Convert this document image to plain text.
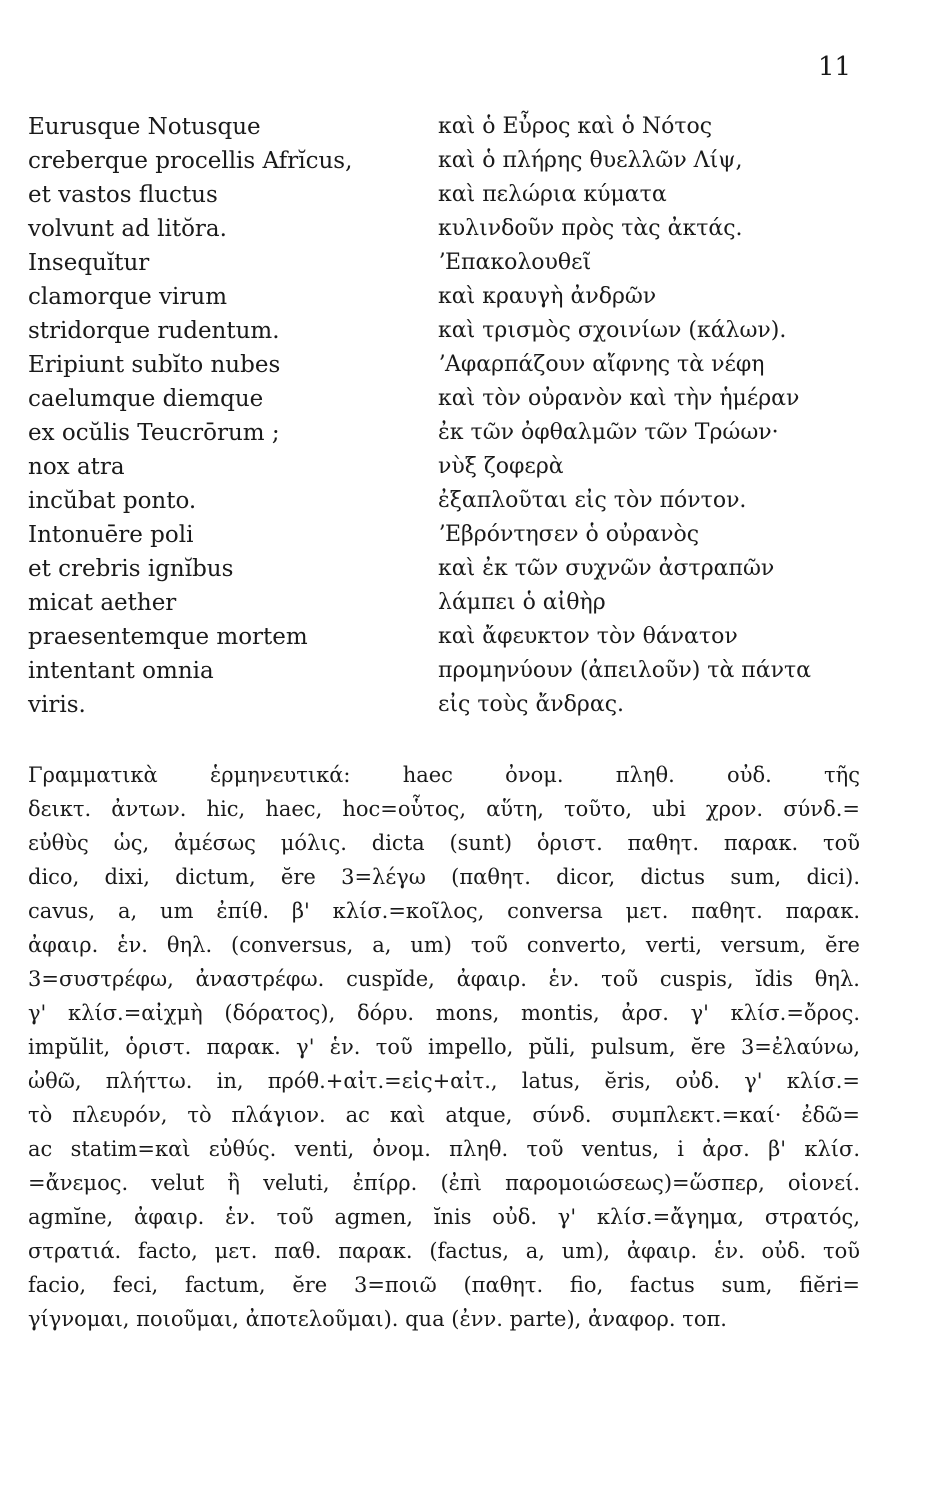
11
Eurusque Notusque
creberque procellis Afrĭcus,
et vastos fluctus
volvunt ad litŏra.
Insequĭtur
clamorque virum
stridorque rudentum.
Eripiunt subĭto nubes
caelumque diemque
ex ocŭlis Teucrōrum ;
nox atra
incŭbat ponto.
Intonuēre poli
et crebris ignĭbus
micat aether
praesentemque mortem
intentant omnia
viris.
καὶ ὁ Εὖρος καὶ ὁ Νότος
καὶ ὁ πλήρης θυελλῶν Λίψ,
καὶ πελώρια κύματα
κυλινδοῦν πρὸς τὰς ἀκτάς.
ʼΕπακολουθεῖ
καὶ κραυγὴ ἀνδρῶν
καὶ τρισμὸς σχοινίων (κάλων).
ʼΑφαρπάζουν αἴφνης τὰ νέφη
καὶ τὸν οὐρανὸν καὶ τὴν ἡμέραν
ἐκ τῶν ὀφθαλμῶν τῶν Τρώων·
νὺξ ζοφερὰ
ἐξαπλοῦται εἰς τὸν πόντον.
ʼΕβρόντησεν ὁ οὐρανὸς
καὶ ἐκ τῶν συχνῶν ἀστραπῶν
λάμπει ὁ αἰθὴρ
καὶ ἄφευκτον τὸν θάνατον
προμηνύουν (ἀπειλοῦν) τὰ πάντα
εἰς τοὺς ἄνδρας.
Γραμματικὰ ἑρμηνευτικά: haec ὀνομ. πληθ. οὐδ. τῆς
δεικτ. ἀντων. hic, haec, hoc=οὗτος, αὕτη, τοῦτο, ubi χρον. σύνδ.=
εὐθὺς ὡς, ἀμέσως μόλις. dicta (sunt) ὁριστ. παθητ. παρακ. τοῦ
dico, dixi, dictum, ĕre 3=λέγω (παθητ. dicor, dictus sum, dici).
cavus, a, um ἐπίθ. β' κλίσ.=κοῖλος, conversa μετ. παθητ. παρακ.
ἀφαιρ. ἑν. θηλ. (conversus, a, um) τοῦ converto, verti, versum, ĕre
3=συστρέφω, ἀναστρέφω. cuspĭde, ἀφαιρ. ἑν. τοῦ cuspis, ĭdis θηλ.
γ' κλίσ.=αἰχμὴ (δόρατος), δόρυ. mons, montis, ἀρσ. γ' κλίσ.=ὄρος.
impŭlit, ὁριστ. παρακ. γ' ἑν. τοῦ impello, pŭli, pulsum, ĕre 3=ἐλαύνω,
ὠθῶ, πλήττω. in, πρόθ.+αἰτ.=εἰς+αἰτ., latus, ĕris, οὐδ. γ' κλίσ.=
τὸ πλευρόν, τὸ πλάγιον. ac καὶ atque, σύνδ. συμπλεκτ.=καί· ἐδῶ=
ac statim=καὶ εὐθύς. venti, ὀνομ. πληθ. τοῦ ventus, i ἀρσ. β' κλίσ.
=ἄνεμος. velut ἢ veluti, ἐπίρρ. (ἐπὶ παρομοιώσεως)=ὥσπερ, οἱονεί.
agmĭne, ἀφαιρ. ἑν. τοῦ agmen, ĭnis οὐδ. γ' κλίσ.=ἄγημα, στρατός,
στρατιά. facto, μετ. παθ. παρακ. (factus, a, um), ἀφαιρ. ἑν. οὐδ. τοῦ
facio, feci, factum, ĕre 3=ποιῶ (παθητ. fio, factus sum, fiĕri=
γίγνομαι, ποιοῦμαι, ἀποτελοῦμαι). qua (ἐνν. parte), ἀναφορ. τοπ.
